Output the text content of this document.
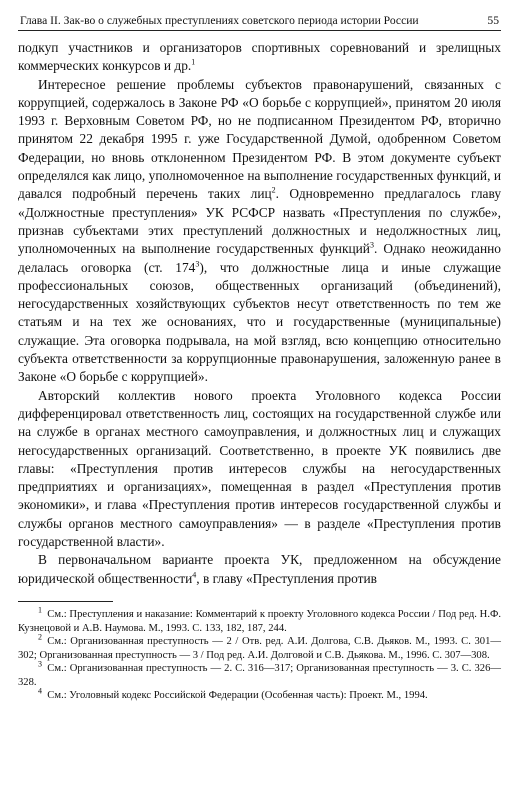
Глава II. Зак-во о служебных преступлениях советского периода истории России	55

подкуп участников и организаторов спортивных соревнований и зрелищных коммерческих конкурсов и др.$^1$

Интересное решение проблемы субъектов правонарушений, связанных с коррупцией, содержалось в Законе РФ «О борьбе с коррупцией», принятом 20 июля 1993 г. Верховным Советом РФ, но не подписанном Президентом РФ, вторично принятом 22 декабря 1995 г. уже Государственной Думой, одобренном Советом Федерации, но вновь отклоненном Президентом РФ. В этом документе субъект определялся как лицо, уполномоченное на выполнение государственных функций, и давался подробный перечень таких лиц$^2$. Одновременно предлагалось главу «Должностные преступления» УК РСФСР назвать «Преступления по службе», признав субъектами этих преступлений должностных и недолжностных лиц, уполномоченных на выполнение государственных функций$^3$. Однако неожиданно делалась оговорка (ст. $174^3$), что должностные лица и иные служащие профессиональных союзов, общественных организаций (объединений), негосударственных хозяйствующих субъектов несут ответственность по тем же статьям и на тех же основаниях, что и государственные (муниципальные) служащие. Эта оговорка подрывала, на мой взгляд, всю концепцию относительно субъекта ответственности за коррупционные правонарушения, заложенную ранее в Законе «О борьбе с коррупцией».

Авторский коллектив нового проекта Уголовного кодекса России дифференцировал ответственность лиц, состоящих на государственной службе или на службе в органах местного самоуправления, и должностных лиц и служащих негосударственных организаций. Соответственно, в проекте УК появились две главы: «Преступления против интересов службы на негосударственных предприятиях и организациях», помещенная в раздел «Преступления против экономики», и глава «Преступления против интересов государственной службы и службы органов местного самоуправления» — в разделе «Преступления против государственной власти».

В первоначальном варианте проекта УК, предложенном на обсуждение юридической общественности$^4$, в главу «Преступления против

$^1$  См.: Преступления и наказание: Комментарий к проекту Уголовного кодекса России / Под ред. Н.Ф. Кузнецовой и А.В. Наумова. М., 1993. С. 133, 182, 187, 244.

$^2$  См.: Организованная преступность — 2 / Отв. ред. А.И. Долгова, С.В. Дьяков. М., 1993. С. 301—302; Организованная преступность — 3 / Под ред. А.И. Долговой и С.В. Дьякова. М., 1996. С. 307—308.

$^3$  См.: Организованная преступность — 2. С. 316—317; Организованная преступность — 3. С. 326—328.

$^4$  См.: Уголовный кодекс Российской Федерации (Особенная часть): Проект. М., 1994.
